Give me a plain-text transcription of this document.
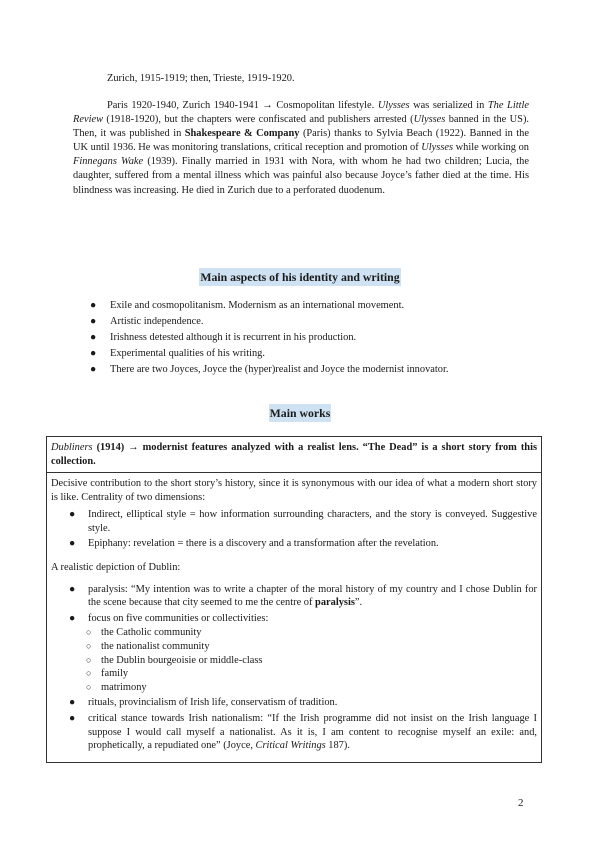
Zurich, 1915-1919; then, Trieste, 1919-1920.

Paris 1920-1940, Zurich 1940-1941 → Cosmopolitan lifestyle. Ulysses was serialized in The Little Review (1918-1920), but the chapters were confiscated and publishers arrested (Ulysses banned in the US). Then, it was published in Shakespeare & Company (Paris) thanks to Sylvia Beach (1922). Banned in the UK until 1936. He was monitoring translations, critical reception and promotion of Ulysses while working on Finnegans Wake (1939). Finally married in 1931 with Nora, with whom he had two children; Lucia, the daughter, suffered from a mental illness which was painful also because Joyce’s father died at the time. His blindness was increasing. He died in Zurich due to a perforated duodenum.

Main aspects of his identity and writing
● Exile and cosmopolitanism. Modernism as an international movement.
● Artistic independence.
● Irishness detested although it is recurrent in his production.
● Experimental qualities of his writing.
● There are two Joyces, Joyce the (hyper)realist and Joyce the modernist innovator.
Main works
Dubliners (1914) → modernist features analyzed with a realist lens. “The Dead” is a short story from this collection.

Decisive contribution to the short story’s history, since it is synonymous with our idea of what a modern short story is like. Centrality of two dimensions:

● Indirect, elliptical style = how information surrounding characters, and the story is conveyed. Suggestive style.
● Epiphany: revelation = there is a discovery and a transformation after the revelation.

A realistic depiction of Dublin:

● paralysis: “My intention was to write a chapter of the moral history of my country and I chose Dublin for the scene because that city seemed to me the centre of paralysis”.
● focus on five communities or collectivities:
○ the Catholic community
○ the nationalist community
○ the Dublin bourgeoisie or middle-class
○ family
○ matrimony
● rituals, provincialism of Irish life, conservatism of tradition.
● critical stance towards Irish nationalism: “If the Irish programme did not insist on the Irish language I suppose I would call myself a nationalist. As it is, I am content to recognise myself an exile: and, prophetically, a repudiated one” (Joyce, Critical Writings 187).
2
